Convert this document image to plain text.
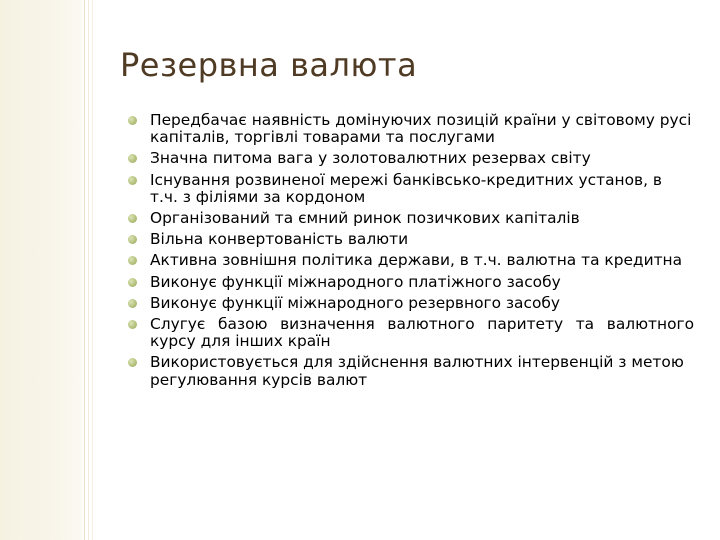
Резервна валюта
Передбачає наявність домінуючих позицій країни у світовому русі капіталів, торгівлі товарами та послугами
Значна питома вага у золотовалютних резервах світу
Існування розвиненої мережі банківсько-кредитних установ, в т.ч. з філіями за кордоном
Організований та ємний ринок позичкових капіталів
Вільна конвертованість валюти
Активна зовнішня політика держави, в т.ч. валютна та кредитна
Виконує функції міжнародного платіжного засобу
Виконує функції міжнародного резервного засобу
Слугує базою визначення валютного паритету та валютного курсу для інших країн
Використовується для здійснення валютних інтервенцій з метою регулювання курсів валют
